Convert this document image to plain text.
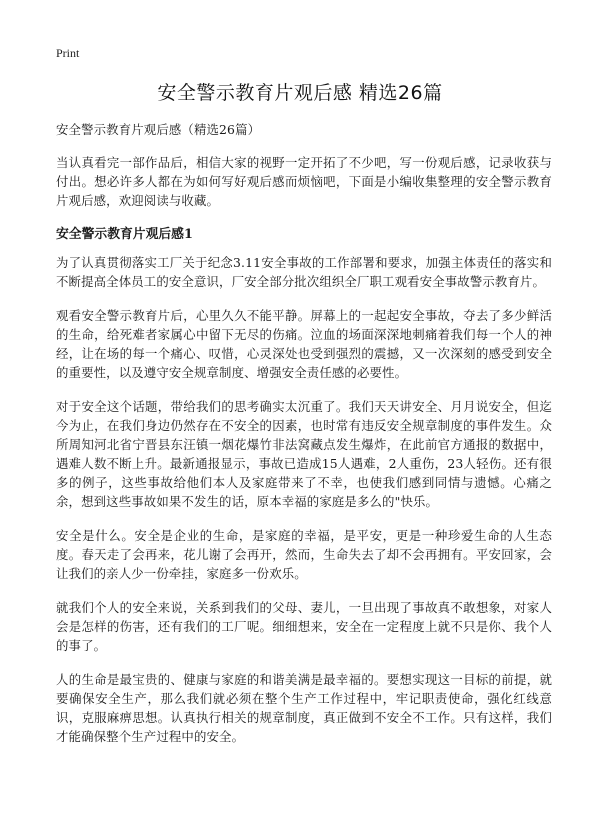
Print
安全警示教育片观后感 精选26篇

安全警示教育片观后感（精选26篇）

当认真看完一部作品后，相信大家的视野一定开拓了不少吧，写一份观后感，记录收获与付出。想必许多人都在为如何写好观后感而烦恼吧，下面是小编收集整理的安全警示教育片观后感，欢迎阅读与收藏。

安全警示教育片观后感1

为了认真贯彻落实工厂关于纪念3.11安全事故的工作部署和要求，加强主体责任的落实和不断提高全体员工的安全意识，厂安全部分批次组织全厂职工观看安全事故警示教育片。

观看安全警示教育片后，心里久久不能平静。屏幕上的一起起安全事故，夺去了多少鲜活的生命，给死难者家属心中留下无尽的伤痛。泣血的场面深深地刺痛着我们每一个人的神经，让在场的每一个痛心、叹惜，心灵深处也受到强烈的震撼，又一次深刻的感受到安全的重要性，以及遵守安全规章制度、增强安全责任感的必要性。

对于安全这个话题，带给我们的思考确实太沉重了。我们天天讲安全、月月说安全，但迄今为止，在我们身边仍然存在不安全的因素，也时常有违反安全规章制度的事件发生。众所周知河北省宁晋县东汪镇一烟花爆竹非法窝藏点发生爆炸，在此前官方通报的数据中，遇难人数不断上升。最新通报显示，事故已造成15人遇难，2人重伤，23人轻伤。还有很多的例子，这些事故给他们本人及家庭带来了不幸，也使我们感到同情与遗憾。心痛之余，想到这些事故如果不发生的话，原本幸福的家庭是多么的"快乐。

安全是什么。安全是企业的生命，是家庭的幸福，是平安，更是一种珍爱生命的人生态度。春天走了会再来，花儿谢了会再开，然而，生命失去了却不会再拥有。平安回家，会让我们的亲人少一份牵挂，家庭多一份欢乐。

就我们个人的安全来说，关系到我们的父母、妻儿，一旦出现了事故真不敢想象，对家人会是怎样的伤害，还有我们的工厂呢。细细想来，安全在一定程度上就不只是你、我个人的事了。

人的生命是最宝贵的、健康与家庭的和谐美满是最幸福的。要想实现这一目标的前提，就要确保安全生产，那么我们就必须在整个生产工作过程中，牢记职责使命，强化红线意识，克服麻痹思想。认真执行相关的规章制度，真正做到不安全不工作。只有这样，我们才能确保整个生产过程中的安全。
